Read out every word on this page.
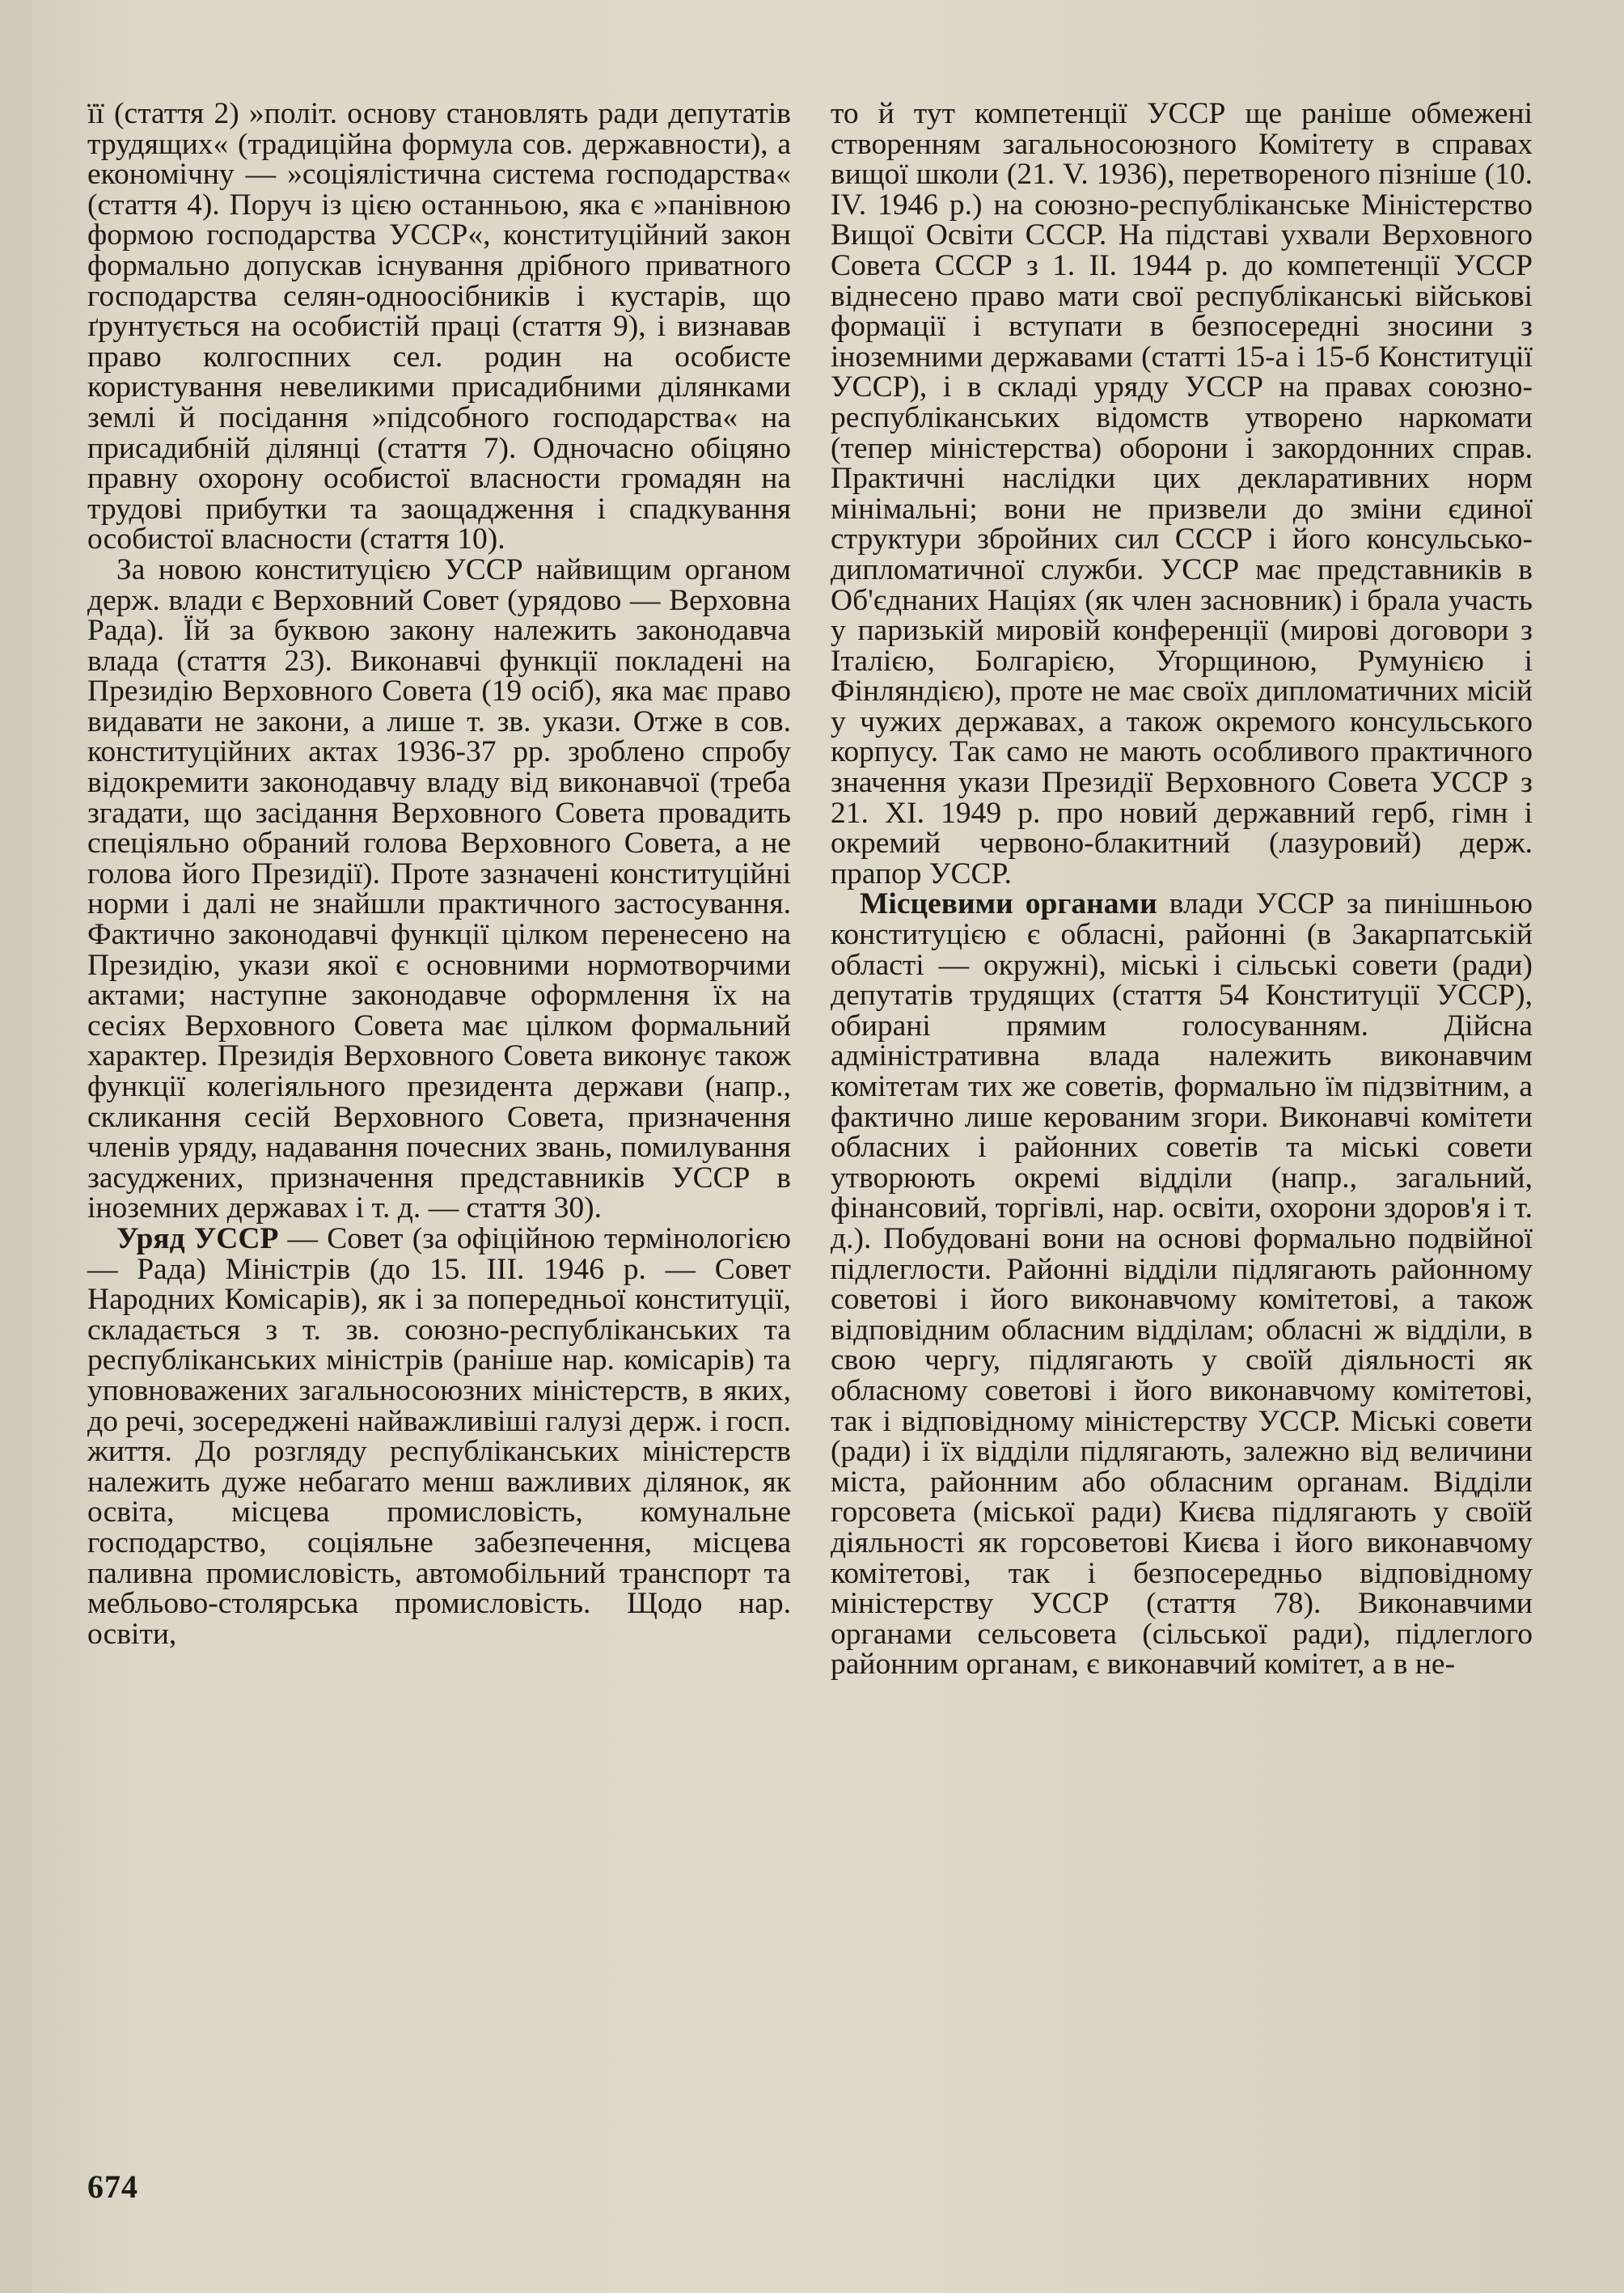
її (стаття 2) »політ. основу становлять ради депутатів трудящих« (традиційна формула сов. державности), а економічну — »соціялістична система господарства« (стаття 4). Поруч із цією останньою, яка є »панівною формою господарства УССР«, конституційний закон формально допускав існування дрібного приватного господарства селян-одноосібників і кустарів, що ґрунтується на особистій праці (стаття 9), і визнавав право колгоспних сел. родин на особисте користування невеликими присадибними ділянками землі й посідання »підсобного господарства« на присадибній ділянці (стаття 7). Одночасно обіцяно правну охорону особистої власности громадян на трудові прибутки та заощадження і спадкування особистої власности (стаття 10).

За новою конституцією УССР найвищим органом держ. влади є Верховний Совет (урядово — Верховна Рада). Їй за буквою закону належить законодавча влада (стаття 23). Виконавчі функції покладені на Президію Верховного Совета (19 осіб), яка має право видавати не закони, а лише т. зв. укази. Отже в сов. конституційних актах 1936-37 рр. зроблено спробу відокремити законодавчу владу від виконавчої (треба згадати, що засідання Верховного Совета провадить спеціяльно обраний голова Верховного Совета, а не голова його Президії). Проте зазначені конституційні норми і далі не знайшли практичного застосування. Фактично законодавчі функції цілком перенесено на Президію, укази якої є основними нормотворчими актами; наступне законодавче оформлення їх на сесіях Верховного Совета має цілком формальний характер. Президія Верховного Совета виконує також функції колегіяльного президента держави (напр., скликання сесій Верховного Совета, призначення членів уряду, надавання почесних звань, помилування засуджених, призначення представників УССР в іноземних державах і т. д. — стаття 30).

Уряд УССР — Совет (за офіційною термінологією — Рада) Міністрів (до 15. III. 1946 р. — Совет Народних Комісарів), як і за попередньої конституції, складається з т. зв. союзно-республіканських та республіканських міністрів (раніше нар. комісарів) та уповноважених загальносоюзних міністерств, в яких, до речі, зосереджені найважливіші галузі держ. і госп. життя. До розгляду республіканських міністерств належить дуже небагато менш важливих ділянок, як освіта, місцева промисловість, комунальне господарство, соціяльне забезпечення, місцева паливна промисловість, автомобільний транспорт та мебльово-столярська промисловість. Щодо нар. освіти,

то й тут компетенції УССР ще раніше обмежені створенням загальносоюзного Комітету в справах вищої школи (21. V. 1936), перетвореного пізніше (10. IV. 1946 р.) на союзно-республіканське Міністерство Вищої Освіти СССР. На підставі ухвали Верховного Совета СССР з 1. II. 1944 р. до компетенції УССР віднесено право мати свої республіканські військові формації і вступати в безпосередні зносини з іноземними державами (статті 15-а і 15-б Конституції УССР), і в складі уряду УССР на правах союзно-республіканських відомств утворено наркомати (тепер міністерства) оборони і закордонних справ. Практичні наслідки цих декларативних норм мінімальні; вони не призвели до зміни єдиної структури збройних сил СССР і його консульсько-дипломатичної служби. УССР має представників в Об'єднаних Націях (як член засновник) і брала участь у паризькій мировій конференції (мирові договори з Італією, Болгарією, Угорщиною, Румунією і Фінляндією), проте не має своїх дипломатичних місій у чужих державах, а також окремого консульського корпусу. Так само не мають особливого практичного значення укази Президії Верховного Совета УССР з 21. XI. 1949 р. про новий державний герб, гімн і окремий червоно-блакитний (лазуровий) держ. прапор УССР.

Місцевими органами влади УССР за пинішньою конституцією є обласні, районні (в Закарпатській області — окружні), міські і сільські совети (ради) депутатів трудящих (стаття 54 Конституції УССР), обирані прямим голосуванням. Дійсна адміністративна влада належить виконавчим комітетам тих же советів, формально їм підзвітним, а фактично лише керованим згори. Виконавчі комітети обласних і районних советів та міські совети утворюють окремі відділи (напр., загальний, фінансовий, торгівлі, нар. освіти, охорони здоров'я і т. д.). Побудовані вони на основі формально подвійної підлеглости. Районні відділи підлягають районному советові і його виконавчому комітетові, а також відповідним обласним відділам; обласні ж відділи, в свою чергу, підлягають у своїй діяльності як обласному советові і його виконавчому комітетові, так і відповідному міністерству УССР. Міські совети (ради) і їх відділи підлягають, залежно від величини міста, районним або обласним органам. Відділи горсовета (міської ради) Києва підлягають у своїй діяльності як горсоветові Києва і його виконавчому комітетові, так і безпосередньо відповідному міністерству УССР (стаття 78). Виконавчими органами сельсовета (сільської ради), підлеглого районним органам, є виконавчий комітет, а в не-

674
